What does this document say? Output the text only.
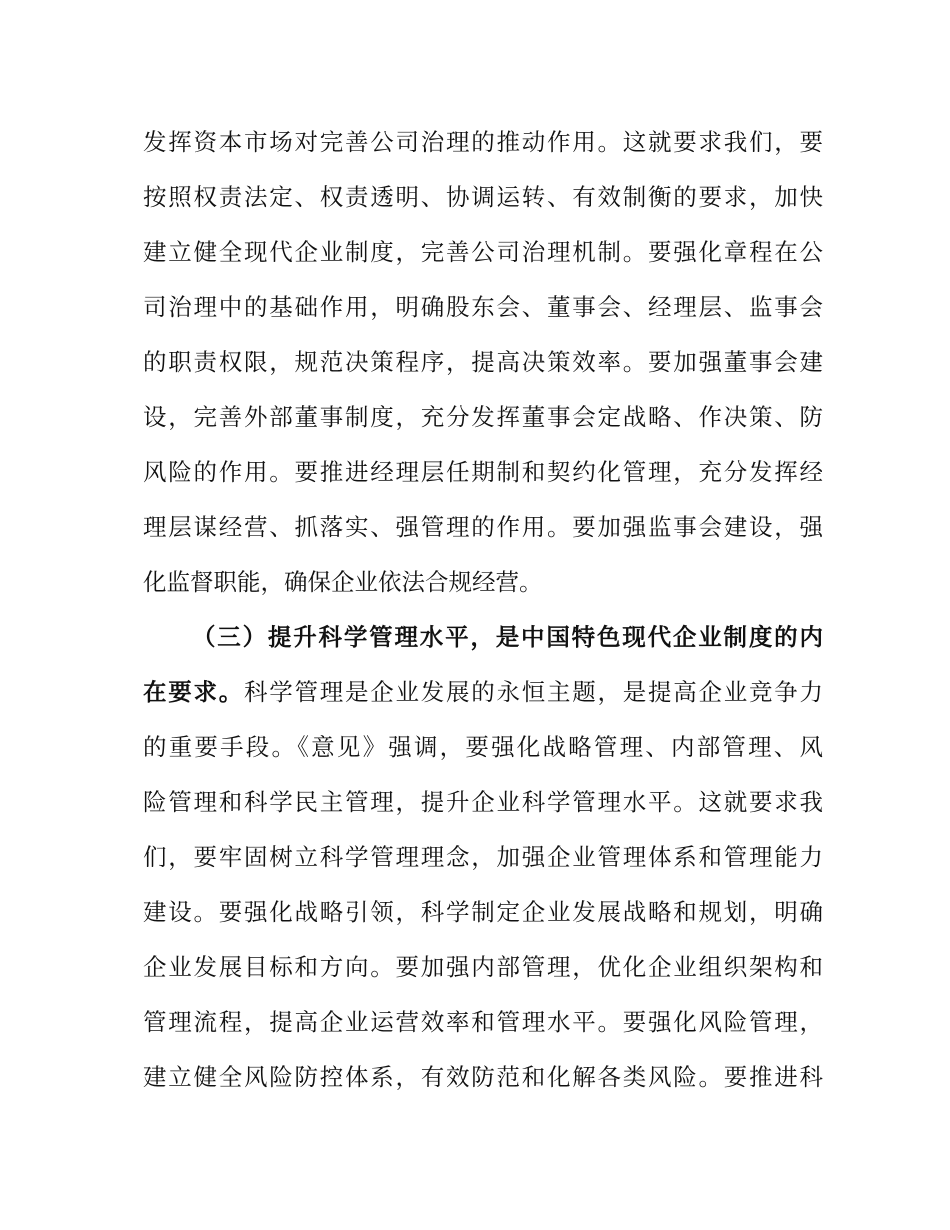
发挥资本市场对完善公司治理的推动作用。这就要求我们，要
按照权责法定、权责透明、协调运转、有效制衡的要求，加快
建立健全现代企业制度，完善公司治理机制。要强化章程在公
司治理中的基础作用，明确股东会、董事会、经理层、监事会
的职责权限，规范决策程序，提高决策效率。要加强董事会建
设，完善外部董事制度，充分发挥董事会定战略、作决策、防
风险的作用。要推进经理层任期制和契约化管理，充分发挥经
理层谋经营、抓落实、强管理的作用。要加强监事会建设，强
化监督职能，确保企业依法合规经营。
（三）提升科学管理水平，是中国特色现代企业制度的内
在要求。科学管理是企业发展的永恒主题，是提高企业竞争力
的重要手段。《意见》强调，要强化战略管理、内部管理、风
险管理和科学民主管理，提升企业科学管理水平。这就要求我
们，要牢固树立科学管理理念，加强企业管理体系和管理能力
建设。要强化战略引领，科学制定企业发展战略和规划，明确
企业发展目标和方向。要加强内部管理，优化企业组织架构和
管理流程，提高企业运营效率和管理水平。要强化风险管理，
建立健全风险防控体系，有效防范和化解各类风险。要推进科
